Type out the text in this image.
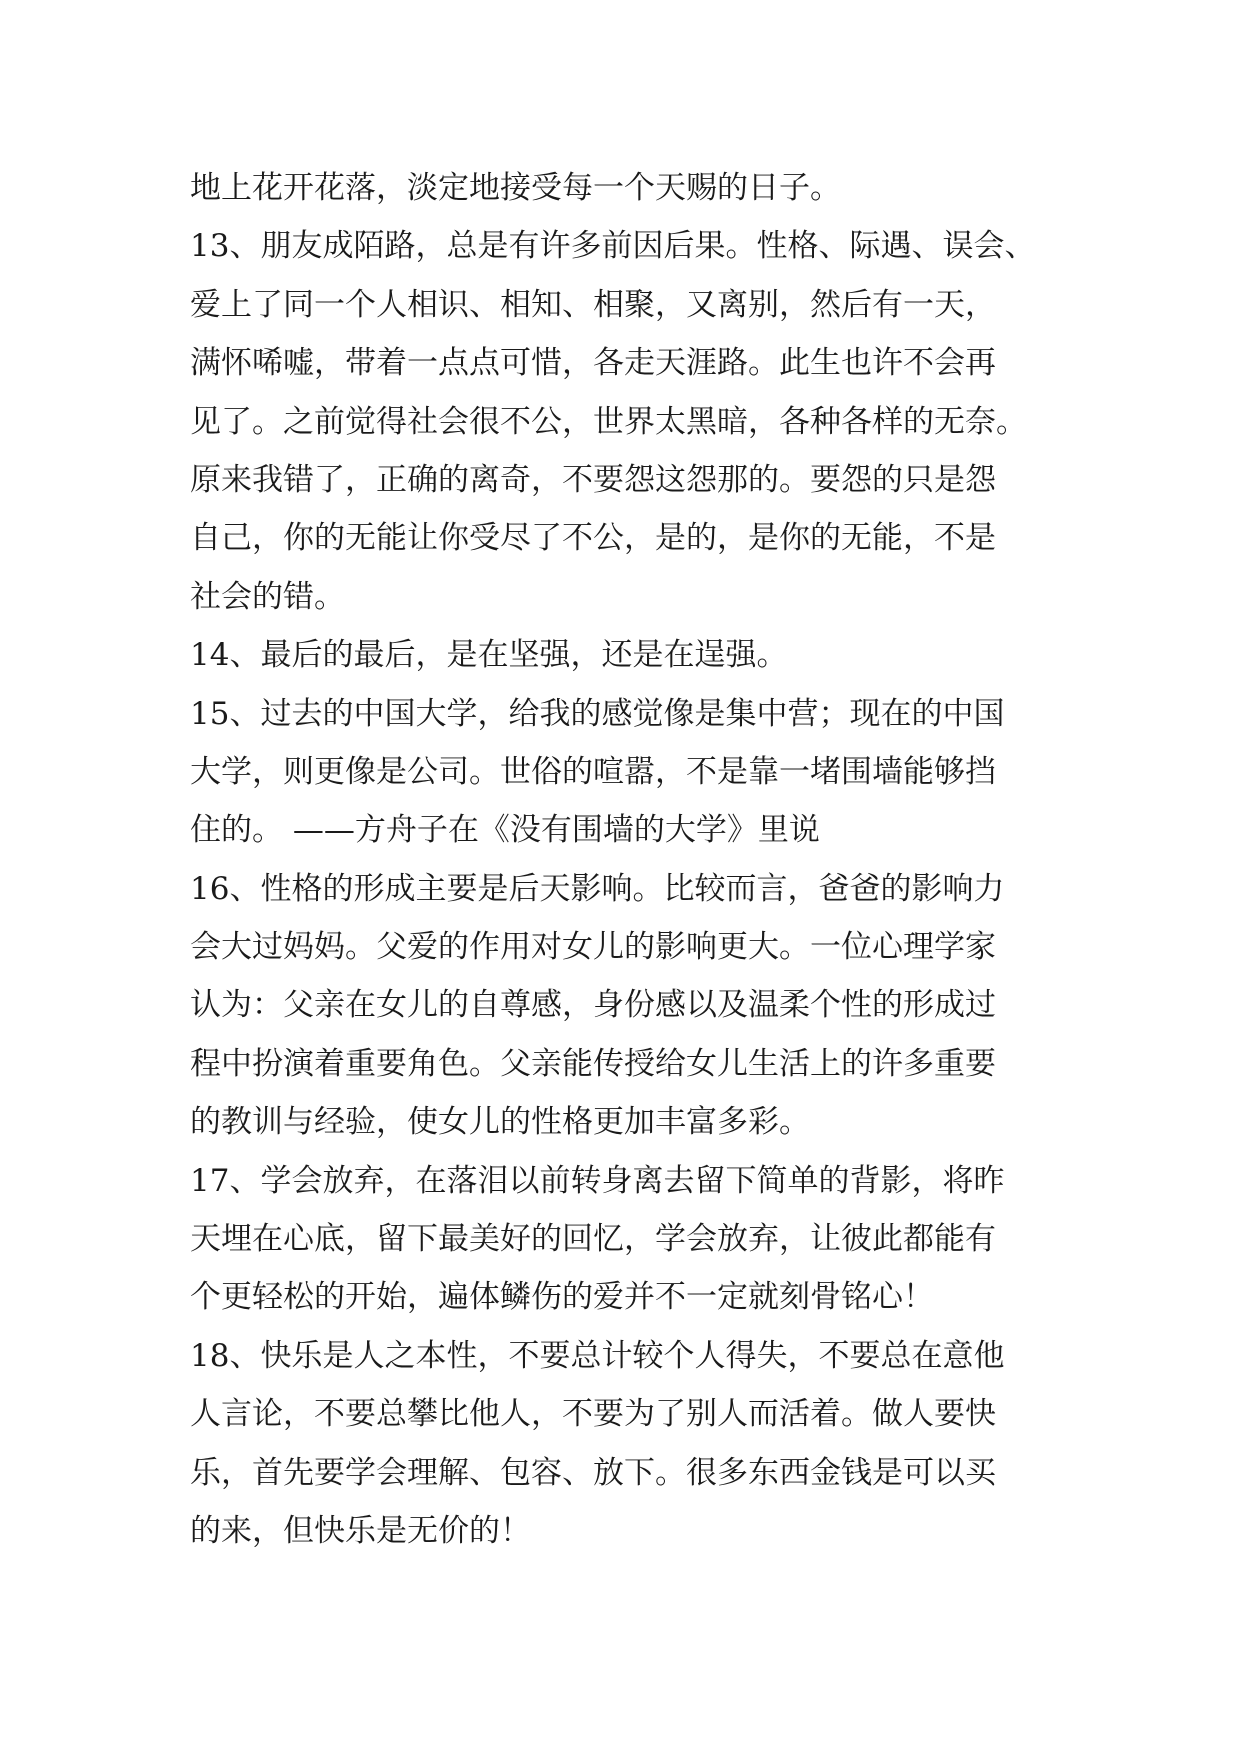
地上花开花落，淡定地接受每一个天赐的日子。
13、朋友成陌路，总是有许多前因后果。性格、际遇、误会、
爱上了同一个人相识、相知、相聚，又离别，然后有一天，
满怀唏嘘，带着一点点可惜，各走天涯路。此生也许不会再
见了。之前觉得社会很不公，世界太黑暗，各种各样的无奈。
原来我错了，正确的离奇，不要怨这怨那的。要怨的只是怨
自己，你的无能让你受尽了不公，是的，是你的无能，不是
社会的错。
14、最后的最后，是在坚强，还是在逞强。
15、过去的中国大学，给我的感觉像是集中营；现在的中国
大学，则更像是公司。世俗的喧嚣，不是靠一堵围墙能够挡
住的。 ——方舟子在《没有围墙的大学》里说
16、性格的形成主要是后天影响。比较而言，爸爸的影响力
会大过妈妈。父爱的作用对女儿的影响更大。一位心理学家
认为：父亲在女儿的自尊感，身份感以及温柔个性的形成过
程中扮演着重要角色。父亲能传授给女儿生活上的许多重要
的教训与经验，使女儿的性格更加丰富多彩。
17、学会放弃，在落泪以前转身离去留下简单的背影，将昨
天埋在心底，留下最美好的回忆，学会放弃，让彼此都能有
个更轻松的开始，遍体鳞伤的爱并不一定就刻骨铭心！
18、快乐是人之本性，不要总计较个人得失，不要总在意他
人言论，不要总攀比他人，不要为了别人而活着。做人要快
乐，首先要学会理解、包容、放下。很多东西金钱是可以买
的来，但快乐是无价的！
